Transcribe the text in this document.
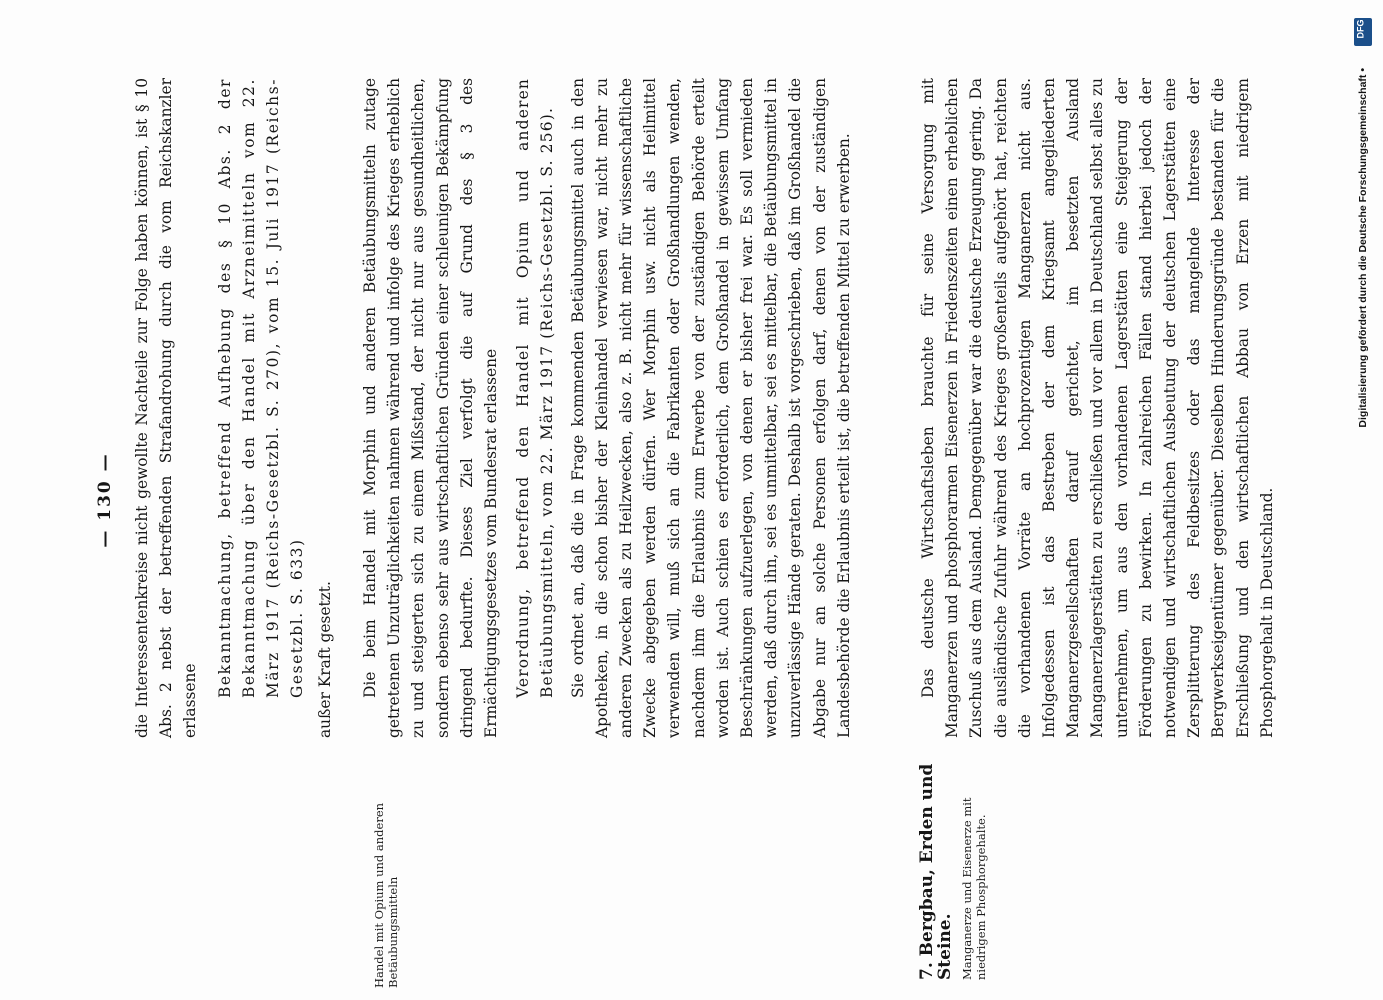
— 130 — die Interessentenkreise nicht gewollte Nachteile zur Folge haben können, ist § 10 Abs. 2 nebst der betreffenden Strafandrohung durch die vom Reichskanzler erlassene

Bekanntmachung, betreffend Aufhebung des § 10 Abs. 2 der Bekanntmachung über den Handel mit Arzneimitteln vom 22. März 1917 (Reichs-Gesetzbl. S. 270), vom 15. Juli 1917 (Reichs-Gesetzbl. S. 633) außer Kraft gesetzt. Die beim Handel mit Morphin und anderen Betäubungsmitteln zutage getretenen Unzuträglichkeiten nahmen während und infolge des Krieges erheblich zu und steigerten sich zu einem Mißstand, der nicht nur aus gesundheitlichen, sondern ebenso sehr aus wirtschaftlichen Gründen einer schleunigen Bekämpfung dringend bedurfte. Dieses Ziel verfolgt die auf Grund des § 3 des Ermächtigungsgesetzes vom Bundesrat erlassene Verordnung, betreffend den Handel mit Opium und anderen Betäubungsmitteln, vom 22. März 1917 (Reichs-Gesetzbl. S. 256). Sie ordnet an, daß die in Frage kommenden Betäubungsmittel auch in den Apotheken, in die schon bisher der Kleinhandel verwiesen war, nicht mehr zu anderen Zwecken als zu Heilzwecken, also z. B. nicht mehr für wissenschaftliche Zwecke abgegeben werden dürfen. Wer Morphin usw. nicht als Heilmittel verwenden will, muß sich an die Fabrikanten oder Großhandlungen wenden, nachdem ihm die Erlaubnis zum Erwerbe von der zuständigen Behörde erteilt worden ist. Auch schien es erforderlich, dem Großhandel in gewissem Umfang Beschränkungen aufzuerlegen, von denen er bisher frei war. Es soll vermieden werden, daß durch ihn, sei es unmittelbar, sei es mittelbar, die Betäubungsmittel in unzuverlässige Hände geraten. Deshalb ist vorgeschrieben, daß im Großhandel die Abgabe nur an solche Personen erfolgen darf, denen von der zuständigen Landesbehörde die Erlaubnis erteilt ist, die betreffenden Mittel zu erwerben.	Das deutsche Wirtschaftsleben brauchte für seine Versorgung mit Manganerzen und phosphorarmen Eisenerzen in Friedenszeiten einen erheblichen Zuschuß aus dem Ausland. Demgegenüber war die deutsche Erzeugung gering. Da die ausländische Zufuhr während des Krieges großenteils aufgehört hat, reichten die vorhandenen Vorräte an hochprozentigen Manganerzen nicht aus. Infolgedessen ist das Bestreben der dem Kriegsamt angegliederten Manganerzgesellschaften darauf gerichtet, im besetzten Ausland Manganerzlagerstätten zu erschließen und vor allem in Deutschland selbst alles zu unternehmen, um aus den vorhandenen Lagerstätten eine Steigerung der Förderungen zu bewirken. In zahlreichen Fällen stand hierbei jedoch der notwendigen und wirtschaftlichen Ausbeutung der deutschen Lagerstätten eine Zersplitterung des Feldbesitzes oder das mangelnde Interesse der Bergwerkseigentümer gegenüber. Dieselben Hinderungsgründe bestanden für die Erschließung und den wirtschaftlichen Abbau von Erzen mit niedrigem Phosphorgehalt in Deutschland.

Handel mit Opium und anderen Betäubungsmitteln	7. Bergbau, Erden und Steine. Manganerze und Eisenerze mit niedrigem Phosphorgehalte.
Digitalisierung gefördert durch die Deutsche Forschungsgemeinschaft •
DFG
